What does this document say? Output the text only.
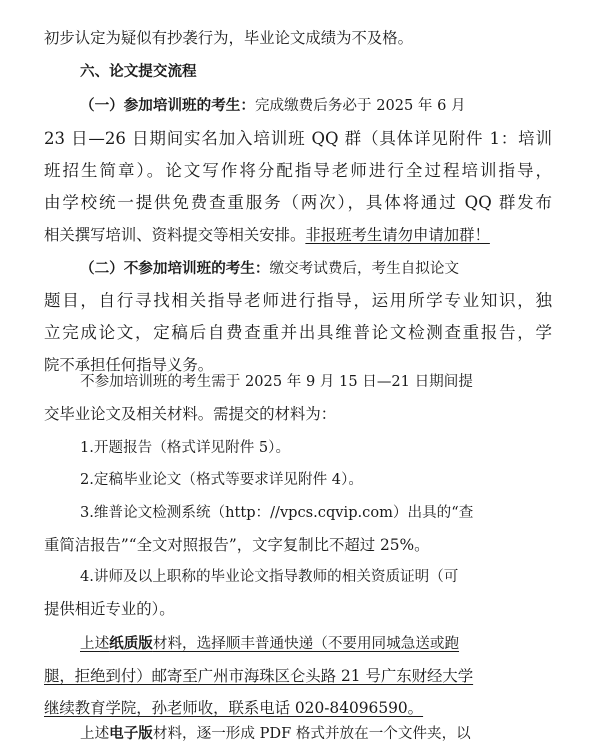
初步认定为疑似有抄袭行为，毕业论文成绩为不及格。
六、论文提交流程
（一）参加培训班的考生：完成缴费后务必于 2025 年 6 月
23 日—26 日期间实名加入培训班 QQ 群（具体详见附件 1：培训
班招生简章）。论文写作将分配指导老师进行全过程培训指导，
由学校统一提供免费查重服务（两次），具体将通过 QQ 群发布
相关撰写培训、资料提交等相关安排。非报班考生请勿申请加群！
（二）不参加培训班的考生：缴交考试费后，考生自拟论文
题目，自行寻找相关指导老师进行指导，运用所学专业知识，独
立完成论文，定稿后自费查重并出具维普论文检测查重报告，学
院不承担任何指导义务。
不参加培训班的考生需于 2025 年 9 月 15 日—21 日期间提
交毕业论文及相关材料。需提交的材料为：
1.开题报告（格式详见附件 5）。
2.定稿毕业论文（格式等要求详见附件 4）。
3.维普论文检测系统（http：//vpcs.cqvip.com）出具的“查
重简洁报告”“全文对照报告”，文字复制比不超过 25%。
4.讲师及以上职称的毕业论文指导教师的相关资质证明（可
提供相近专业的）。
上述纸质版材料，选择顺丰普通快递（不要用同城急送或跑
腿，拒绝到付）邮寄至广州市海珠区仑头路 21 号广东财经大学
继续教育学院，孙老师收，联系电话 020-84096590。
上述电子版材料，逐一形成 PDF 格式并放在一个文件夹，以
